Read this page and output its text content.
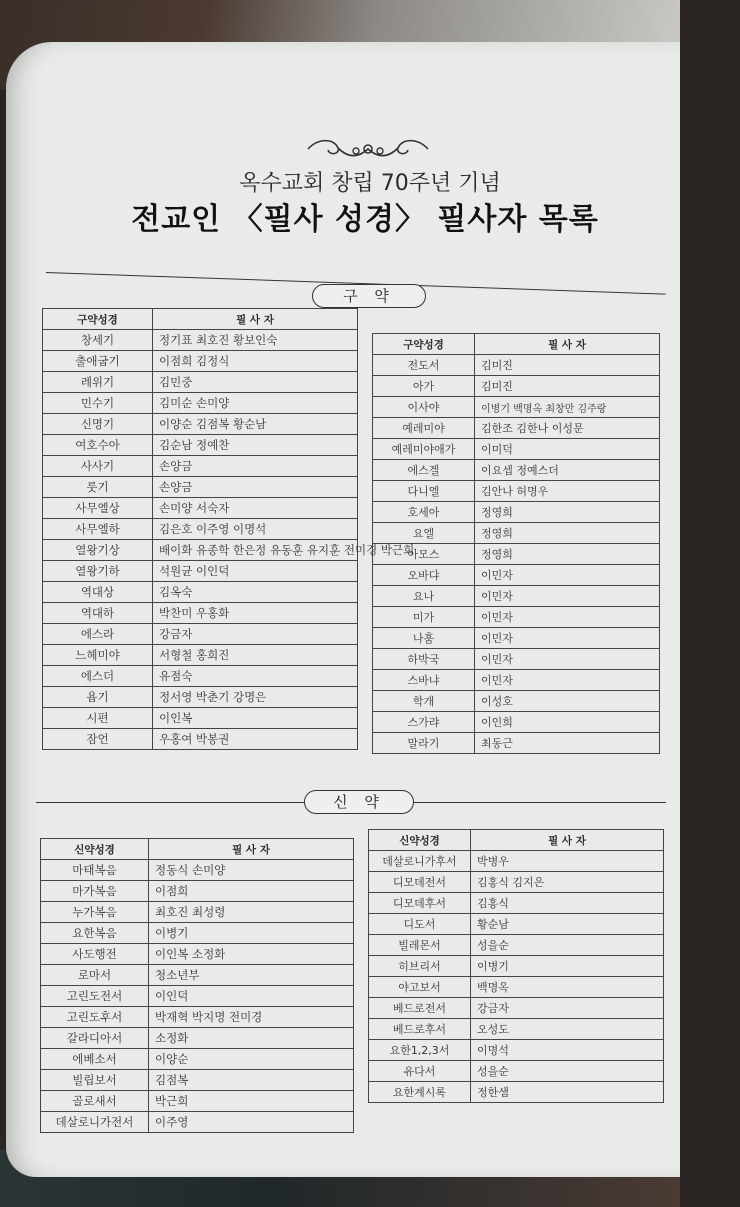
옥수교회 창립 70주년 기념
전교인 〈필사 성경〉 필사자 목록
구 약
구약성경	필 사 자
창세기	정기표 최호진 황보인숙
출애굽기	이점희 김정식
레위기	김민중
민수기	김미순 손미양
신명기	이양순 김점복 황순남
여호수아	김순남 정예찬
사사기	손양금
룻기	손양금
사무엘상	손미양 서숙자
사무엘하	김은호 이주영 이명석
열왕기상	배이화 유종학 한은정 유동훈 유지훈 전미경 박근희
열왕기하	석원균 이인덕
역대상	김옥숙
역대하	박찬미 우홍화
에스라	강금자
느헤미야	서형철 홍희진
에스더	유점숙
욥기	정서영 박춘기 강명은
시편	이인복
잠언	우홍여 박봉권
구약성경	필 사 자
전도서	김미진
아가	김미진
이사야	이병기 백명옥 최창만 김주랑
예레미야	김한조 김한나 이성문
예레미야애가	이미덕
에스겔	이요셉 정예스더
다니엘	김안나 허명우
호세아	정영희
요엘	정영희
아모스	정영희
오바댜	이민자
요나	이민자
미가	이민자
나훔	이민자
하박국	이민자
스바냐	이민자
학개	이성호
스가랴	이인희
말라기	최동근
신 약
신약성경	필 사 자
마태복음	정동식 손미양
마가복음	이점희
누가복음	최호진 최성령
요한복음	이병기
사도행전	이인복 소정화
로마서	청소년부
고린도전서	이인덕
고린도후서	박재혁 박지명 전미경
갈라디아서	소정화
에베소서	이양순
빌립보서	김점복
골로새서	박근희
데살로니가전서	이주영
신약성경	필 사 자
데살로니가후서	박병우
디모데전서	김홍식 김지은
디모데후서	김홍식
디도서	황순남
빌레몬서	성을순
히브리서	이병기
야고보서	백명옥
베드로전서	강금자
베드로후서	오성도
요한1,2,3서	이명석
유다서	성을순
요한계시록	정한샘
